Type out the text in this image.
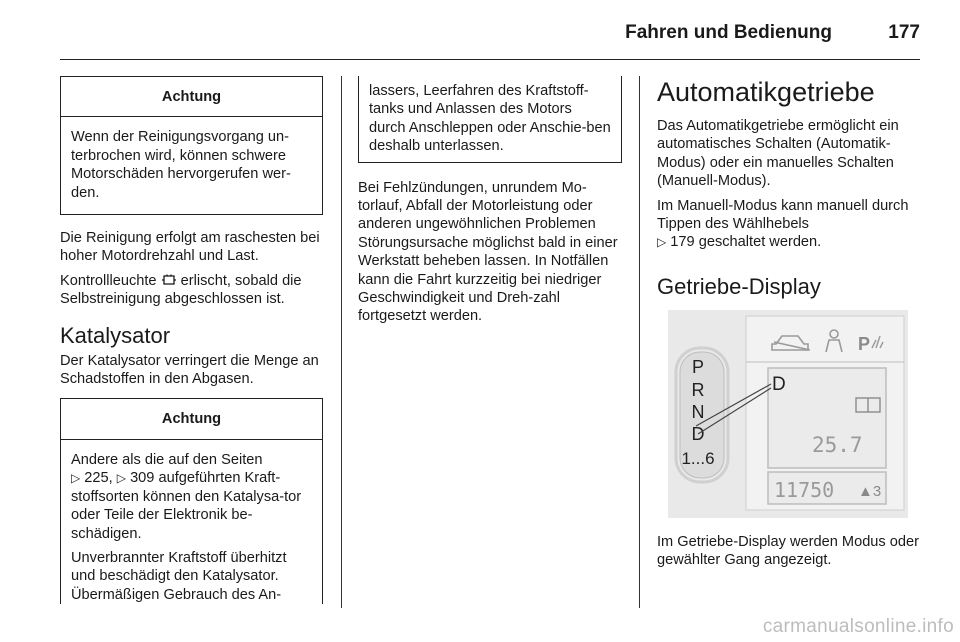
Fahren und Bedienung	177
Achtung

Wenn der Reinigungsvorgang un-terbrochen wird, können schwere Motorschäden hervorgerufen wer-den.

Die Reinigung erfolgt am raschesten bei hoher Motordrehzahl und Last.

Kontrollleuchte erlischt, sobald die Selbstreinigung abgeschlossen ist.

Katalysator

Der Katalysator verringert die Menge an Schadstoffen in den Abgasen.

Achtung

Andere als die auf den Seiten
▷ 225, ▷ 309 aufgeführten Kraft-stoffsorten können den Katalysa-tor oder Teile der Elektronik be-schädigen.

Unverbrannter Kraftstoff überhitzt und beschädigt den Katalysator. Übermäßigen Gebrauch des An-

lassers, Leerfahren des Kraftstoff-tanks und Anlassen des Motors durch Anschleppen oder Anschie-ben deshalb unterlassen.

Bei Fehlzündungen, unrundem Mo-torlauf, Abfall der Motorleistung oder anderen ungewöhnlichen Problemen Störungsursache möglichst bald in einer Werkstatt beheben lassen. In Notfällen kann die Fahrt kurzzeitig bei niedriger Geschwindigkeit und Dreh-zahl fortgesetzt werden.

Automatikgetriebe

Das Automatikgetriebe ermöglicht ein automatisches Schalten (Automatik-Modus) oder ein manuelles Schalten (Manuell-Modus).

Im Manuell-Modus kann manuell durch Tippen des Wählhebels
▷ 179 geschaltet werden.

Getriebe-Display
P
R
N
D
1...6
P
D
25.7
11750 ▲3

Im Getriebe-Display werden Modus oder gewählter Gang angezeigt.

carmanualsonline.info
